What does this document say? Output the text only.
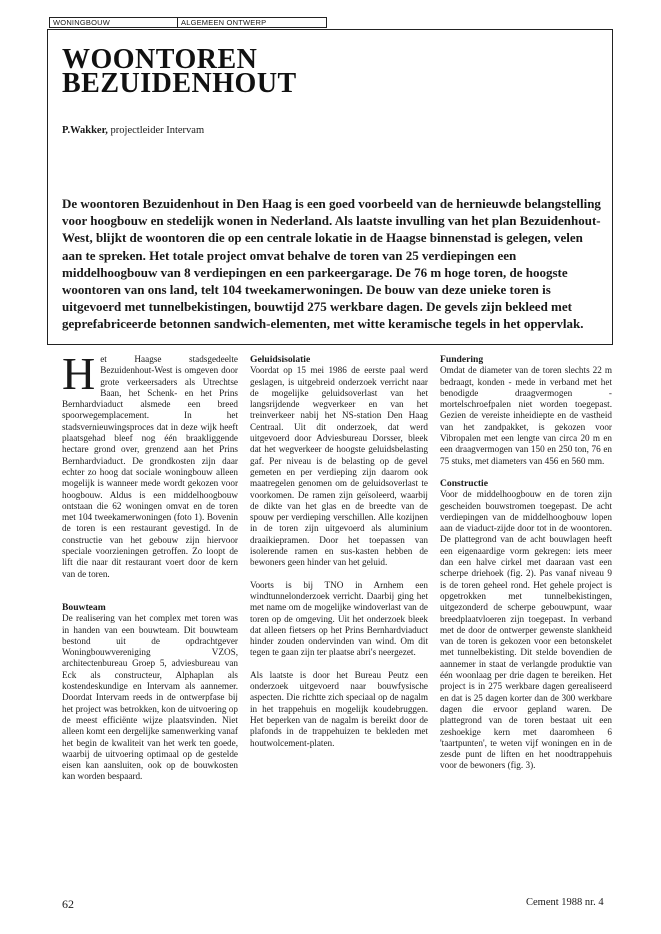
WONINGBOUW	ALGEMEEN ONTWERP
WOONTOREN
BEZUIDENHOUT
P.Wakker, projectleider Intervam

De woontoren Bezuidenhout in Den Haag is een goed voorbeeld van de hernieuwde belangstelling voor hoogbouw en stedelijk wonen in Nederland. Als laatste invulling van het plan Bezuidenhout-West, blijkt de woontoren die op een centrale lokatie in de Haagse binnenstad is gelegen, velen aan te spreken. Het totale project omvat behalve de toren van 25 verdiepingen een middelhoogbouw van 8 verdiepingen en een parkeergarage. De 76 m hoge toren, de hoogste woontoren van ons land, telt 104 tweekamerwoningen. De bouw van deze unieke toren is uitgevoerd met tunnelbekistingen, bouwtijd 275 werkbare dagen. De gevels zijn bekleed met geprefabriceerde betonnen sandwich-elementen, met witte keramische tegels in het oppervlak.

Het Haagse stadsgedeelte Bezuidenhout-West is omgeven door grote verkeersaders als Utrechtse Baan, het Schenk- en het Prins Bernhardviaduct alsmede een breed spoorwegemplacement. In het stadsvernieuwingsproces dat in deze wijk heeft plaatsgehad bleef nog één braakliggende hectare grond over, grenzend aan het Prins Bernhardviaduct. De grondkosten zijn daar echter zo hoog dat sociale woningbouw alleen mogelijk is wanneer mede wordt gekozen voor hoogbouw. Aldus is een middelhoogbouw ontstaan die 62 woningen omvat en de toren met 104 tweekamerwoningen (foto 1). Bovenin de toren is een restaurant gevestigd. In de constructie van het gebouw zijn hiervoor speciale voorzieningen getroffen. Zo loopt de lift die naar dit restaurant voert door de kern van de toren.

Bouwteam

De realisering van het complex met toren was in handen van een bouwteam. Dit bouwteam bestond uit de opdrachtgever Woningbouwvereniging VZOS, architectenbureau Groep 5, adviesbureau van Eck als constructeur, Alphaplan als kostendeskundige en Intervam als aannemer. Doordat Intervam reeds in de ontwerpfase bij het project was betrokken, kon de uitvoering op de meest efficiënte wijze plaatsvinden. Niet alleen komt een dergelijke samenwerking vanaf het begin de kwaliteit van het werk ten goede, waarbij de uitvoering optimaal op de gestelde eisen kan aansluiten, ook op de bouwkosten kan worden bespaard.

Geluidsisolatie

Voordat op 15 mei 1986 de eerste paal werd geslagen, is uitgebreid onderzoek verricht naar de mogelijke geluidsoverlast van het langsrijdende wegverkeer en van het treinverkeer nabij het NS-station Den Haag Centraal. Uit dit onderzoek, dat werd uitgevoerd door Adviesbureau Dorsser, bleek dat het wegverkeer de hoogste geluidsbelasting gaf. Per niveau is de belasting op de gevel gemeten en per verdieping zijn daarom ook maatregelen genomen om de geluidsoverlast te voorkomen. De ramen zijn geïsoleerd, waarbij de dikte van het glas en de breedte van de spouw per verdieping verschillen. Alle kozijnen in de toren zijn uitgevoerd als aluminium draaikiepramen. Door het toepassen van isolerende ramen en sus-kasten hebben de bewoners geen hinder van het geluid.

Voorts is bij TNO in Arnhem een windtunnelonderzoek verricht. Daarbij ging het met name om de mogelijke windoverlast van de toren op de omgeving. Uit het onderzoek bleek dat alleen fietsers op het Prins Bernhardviaduct hinder zouden ondervinden van wind. Om dit tegen te gaan zijn ter plaatse abri's neergezet.

Als laatste is door het Bureau Peutz een onderzoek uitgevoerd naar bouwfysische aspecten. Die richtte zich speciaal op de nagalm in het trappehuis en mogelijk koudebruggen. Het beperken van de nagalm is bereikt door de plafonds in de trappehuizen te bekleden met houtwolcement-platen.

Fundering

Omdat de diameter van de toren slechts 22 m bedraagt, konden - mede in verband met het benodigde draagvermogen - mortelschroefpalen niet worden toegepast. Gezien de vereiste inheidiepte en de vastheid van het zandpakket, is gekozen voor Vibropalen met een lengte van circa 20 m en een draagvermogen van 150 en 250 ton, 76 en 75 stuks, met diameters van 456 en 560 mm.

Constructie

Voor de middelhoogbouw en de toren zijn gescheiden bouwstromen toegepast. De acht verdiepingen van de middelhoogbouw lopen aan de viaduct-zijde door tot in de woontoren. De plattegrond van de acht bouwlagen heeft een eigenaardige vorm gekregen: iets meer dan een halve cirkel met daaraan vast een scherpe driehoek (fig. 2). Pas vanaf niveau 9 is de toren geheel rond. Het gehele project is opgetrokken met tunnelbekistingen, uitgezonderd de scherpe gebouwpunt, waar breedplaatvloeren zijn toegepast. In verband met de door de ontwerper gewenste slankheid van de toren is gekozen voor een betonskelet met tunnelbekisting. Dit stelde bovendien de aannemer in staat de verlangde produktie van één woonlaag per drie dagen te bereiken. Het project is in 275 werkbare dagen gerealiseerd en dat is 25 dagen korter dan de 300 werkbare dagen die ervoor gepland waren. De plattegrond van de toren bestaat uit een zeshoekige kern met daaromheen 6 'taartpunten', te weten vijf woningen en in de zesde punt de liften en het noodtrappehuis voor de bewoners (fig. 3).

62	Cement 1988 nr. 4
